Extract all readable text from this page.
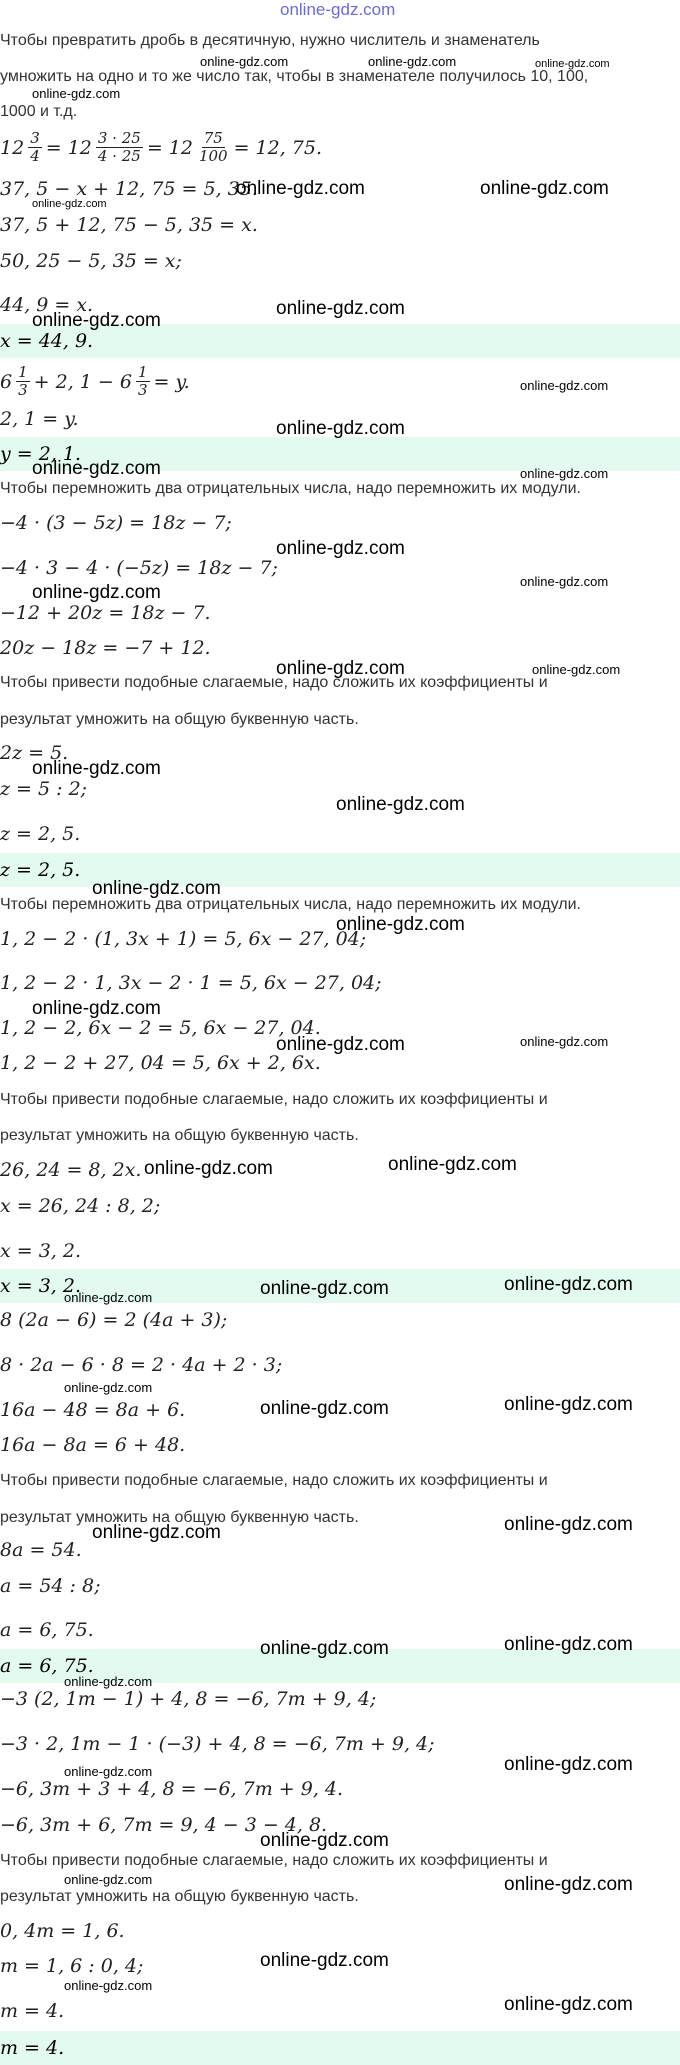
online-gdz.com
Чтобы превратить дробь в десятичную, нужно числитель и знаменатель
умножить на одно и то же число так, чтобы в знаменателе получилось 10, 100,
1000 и т.д.
$12 \frac{3}{4} = 12 \frac{3 \cdot 25}{4 \cdot 25} = 12 \frac{75}{100} = 12$, 75.
37, 5 − x + 12, 75 = 5, 35.
37, 5 + 12, 75 − 5, 35 = x.
50, 25 − 5, 35 = x;
44, 9 = x.
x = 44, 9.
$6 \frac{1}{3} + 2$, $1 - 6 \frac{1}{3} = y$.
2, 1 = y.
y = 2, 1.
Чтобы перемножить два отрицательных числа, надо перемножить их модули.
−4 · (3 − 5z) = 18z − 7;
−4 · 3 − 4 · (−5z) = 18z − 7;
−12 + 20z = 18z − 7.
20z − 18z = −7 + 12.
Чтобы привести подобные слагаемые, надо сложить их коэффициенты и
результат умножить на общую буквенную часть.
2z = 5.
z = 5 : 2;
z = 2, 5.
z = 2, 5.
Чтобы перемножить два отрицательных числа, надо перемножить их модули.
1, 2 − 2 · (1, 3x + 1) = 5, 6x − 27, 04;
1, 2 − 2 · 1, 3x − 2 · 1 = 5, 6x − 27, 04;
1, 2 − 2, 6x − 2 = 5, 6x − 27, 04.
1, 2 − 2 + 27, 04 = 5, 6x + 2, 6x.
Чтобы привести подобные слагаемые, надо сложить их коэффициенты и
результат умножить на общую буквенную часть.
26, 24 = 8, 2x.
x = 26, 24 : 8, 2;
x = 3, 2.
x = 3, 2.
8 (2a − 6) = 2 (4a + 3);
8 · 2a − 6 · 8 = 2 · 4a + 2 · 3;
16a − 48 = 8a + 6.
16a − 8a = 6 + 48.
Чтобы привести подобные слагаемые, надо сложить их коэффициенты и
результат умножить на общую буквенную часть.
8a = 54.
a = 54 : 8;
a = 6, 75.
a = 6, 75.
−3 (2, 1m − 1) + 4, 8 = −6, 7m + 9, 4;
−3 · 2, 1m − 1 · (−3) + 4, 8 = −6, 7m + 9, 4;
−6, 3m + 3 + 4, 8 = −6, 7m + 9, 4.
−6, 3m + 6, 7m = 9, 4 − 3 − 4, 8.
Чтобы привести подобные слагаемые, надо сложить их коэффициенты и
результат умножить на общую буквенную часть.
0, 4m = 1, 6.
m = 1, 6 : 0, 4;
m = 4.
m = 4.
online-gdz.com	online-gdz.com	online-gdz.com
online-gdz.com
online-gdz.com	online-gdz.com
online-gdz.com
online-gdz.com
online-gdz.com
online-gdz.com
online-gdz.com
online-gdz.com	online-gdz.com
online-gdz.com
online-gdz.com
online-gdz.com
online-gdz.com	online-gdz.com
online-gdz.com
online-gdz.com
online-gdz.com
online-gdz.com
online-gdz.com
online-gdz.com	online-gdz.com
online-gdz.com
online-gdz.com
online-gdz.com	online-gdz.com
online-gdz.com
online-gdz.com
online-gdz.com
online-gdz.com
online-gdz.com
online-gdz.com
online-gdz.com
online-gdz.com
online-gdz.com
online-gdz.com	online-gdz.com
online-gdz.com
online-gdz.com	online-gdz.com
online-gdz.com
online-gdz.com
online-gdz.com
